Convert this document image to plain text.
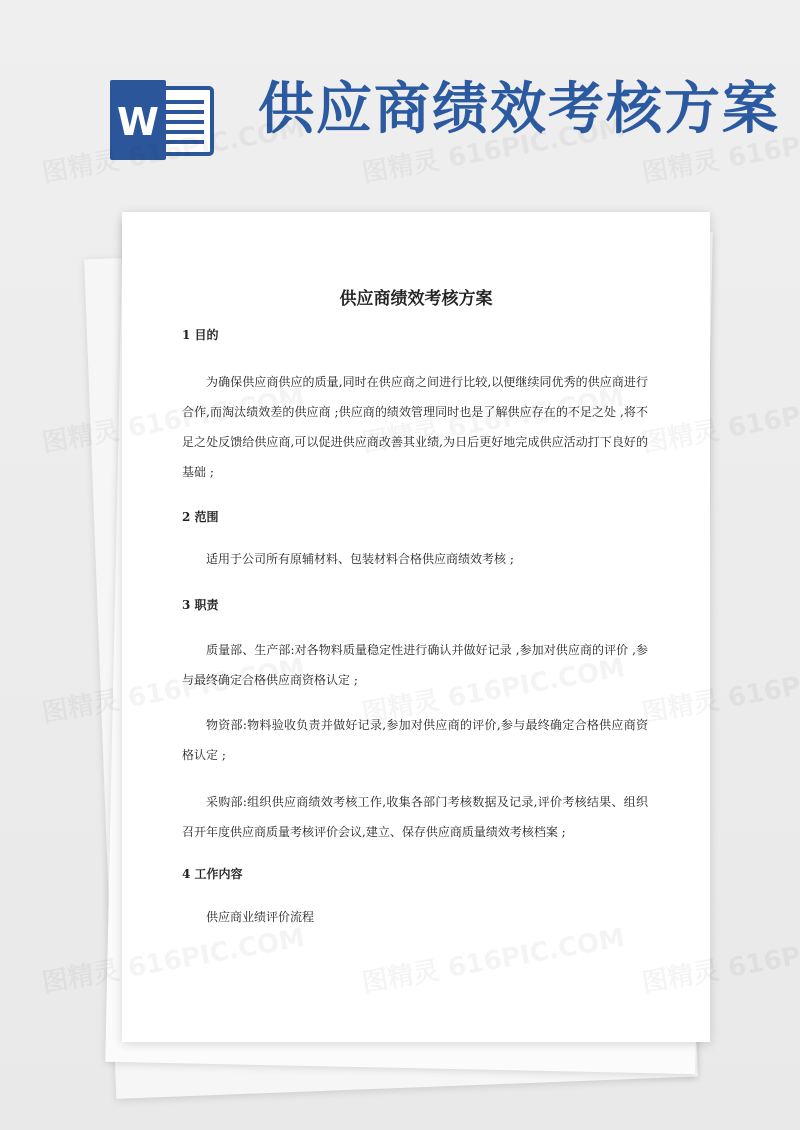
W 供应商绩效考核方案
供应商绩效考核方案
1 目的
为确保供应商供应的质量,同时在供应商之间进行比较,以便继续同优秀的供应商进行合作,而淘汰绩效差的供应商 ;供应商的绩效管理同时也是了解供应存在的不足之处 ,将不足之处反馈给供应商,可以促进供应商改善其业绩,为日后更好地完成供应活动打下良好的基础 ;
2 范围
适用于公司所有原辅材料、包装材料合格供应商绩效考核 ;
3 职责
质量部、生产部:对各物料质量稳定性进行确认并做好记录 ,参加对供应商的评价 ,参与最终确定合格供应商资格认定 ;
物资部:物料验收负责并做好记录,参加对供应商的评价,参与最终确定合格供应商资格认定 ;
采购部:组织供应商绩效考核工作,收集各部门考核数据及记录,评价考核结果、组织召开年度供应商质量考核评价会议,建立、保存供应商质量绩效考核档案 ;
4 工作内容
供应商业绩评价流程
